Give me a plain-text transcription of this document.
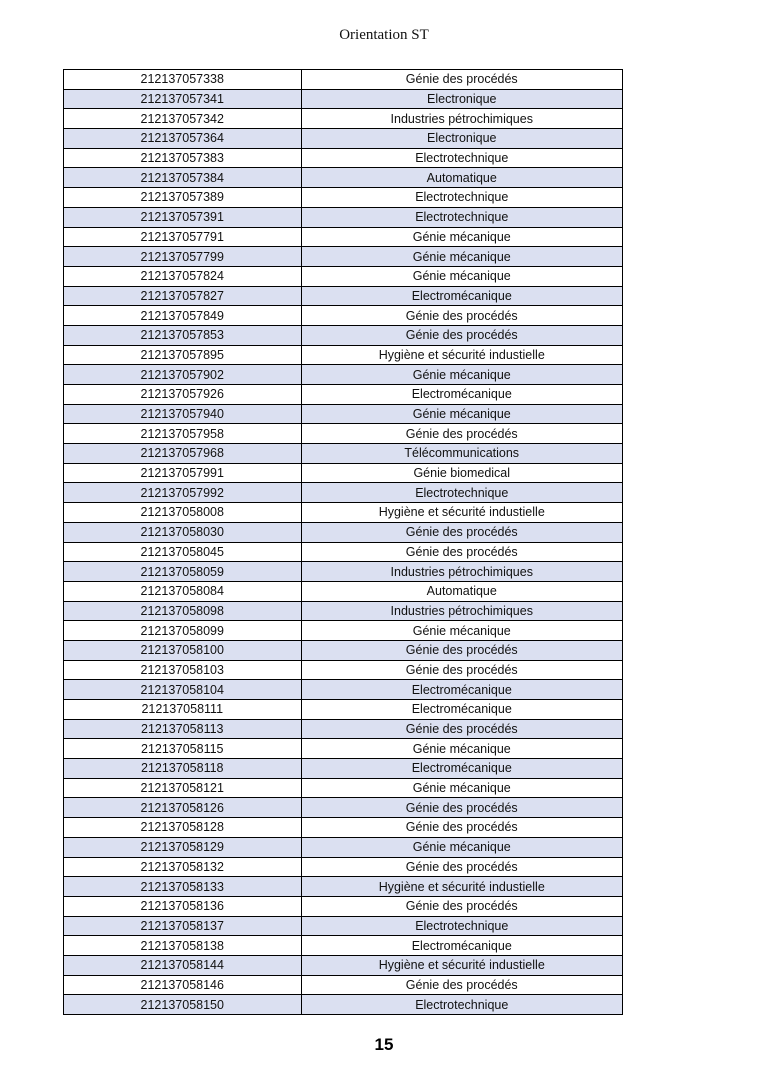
Orientation ST
212137057338	Génie des procédés
212137057341	Electronique
212137057342	Industries pétrochimiques
212137057364	Electronique
212137057383	Electrotechnique
212137057384	Automatique
212137057389	Electrotechnique
212137057391	Electrotechnique
212137057791	Génie mécanique
212137057799	Génie mécanique
212137057824	Génie mécanique
212137057827	Electromécanique
212137057849	Génie des procédés
212137057853	Génie des procédés
212137057895	Hygiène et sécurité industielle
212137057902	Génie mécanique
212137057926	Electromécanique
212137057940	Génie mécanique
212137057958	Génie des procédés
212137057968	Télécommunications
212137057991	Génie biomedical
212137057992	Electrotechnique
212137058008	Hygiène et sécurité industielle
212137058030	Génie des procédés
212137058045	Génie des procédés
212137058059	Industries pétrochimiques
212137058084	Automatique
212137058098	Industries pétrochimiques
212137058099	Génie mécanique
212137058100	Génie des procédés
212137058103	Génie des procédés
212137058104	Electromécanique
212137058111	Electromécanique
212137058113	Génie des procédés
212137058115	Génie mécanique
212137058118	Electromécanique
212137058121	Génie mécanique
212137058126	Génie des procédés
212137058128	Génie des procédés
212137058129	Génie mécanique
212137058132	Génie des procédés
212137058133	Hygiène et sécurité industielle
212137058136	Génie des procédés
212137058137	Electrotechnique
212137058138	Electromécanique
212137058144	Hygiène et sécurité industielle
212137058146	Génie des procédés
212137058150	Electrotechnique
15
